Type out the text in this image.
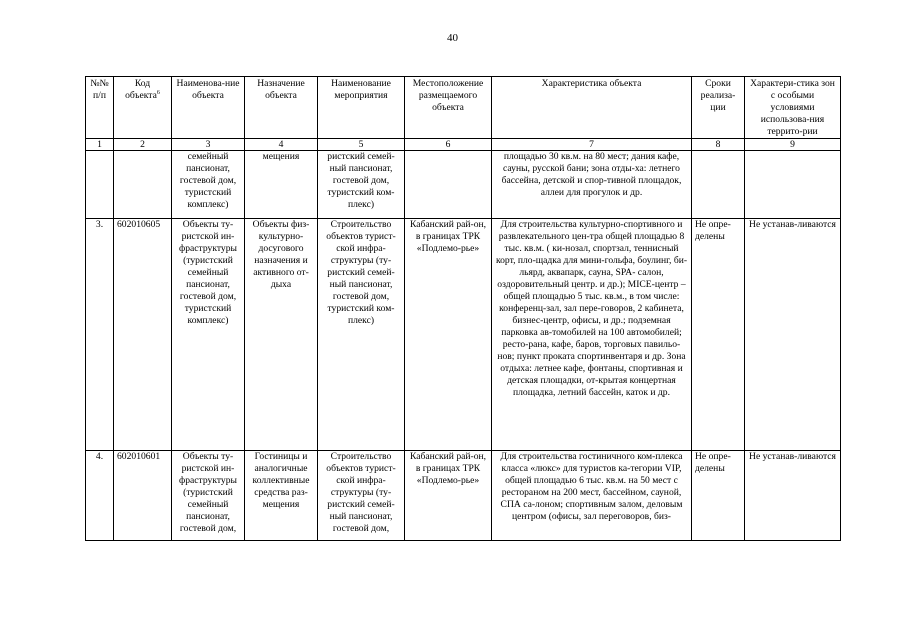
40
№№ п/п	Код объекта$^6$	Наименова-ние объекта	Назначение объекта	Наименование мероприятия	Местоположение размещаемого объекта	Характеристика объекта	Сроки реализа-ции	Характери-стика зон с особыми условиями использова-ния террито-рии
1	2	3	4	5	6	7	8	9
		семейный пансионат, гостевой дом, туристский комплекс)	мещения	ристский семей-ный пансионат, гостевой дом, туристский ком-плекс)		площадью 30 кв.м. на 80 мест; дания кафе, сауны, русской бани; зона отды-ха: летнего бассейна, детской и спор-тивной площадок, аллеи для прогулок и др.		
3.	602010605	Объекты ту-ристской ин-фраструктуры (туристский семейный пансионат, гостевой дом, туристский комплекс)	Объекты физ-культурно-досугового назначения и активного от-дыха	Строительство объектов турист-ской инфра-структуры (ту-ристский семей-ный пансионат, гостевой дом, туристский ком-плекс)	Кабанский рай-он, в границах ТРК «Подлемо-рье»	Для строительства культурно-спортивного и развлекательного цен-тра общей площадью 8 тыс. кв.м. ( ки-нозал, спортзал, теннисный корт, пло-щадка для мини-гольфа, боулинг, би-льярд, аквапарк, сауна, SPA- салон, оздоровительный центр. и др.); MICE-центр – общей площадью 5 тыс. кв.м., в том числе: конференц-зал, зал пере-говоров, 2 кабинета, бизнес-центр, офисы, и др.; подземная парковка ав-томобилей на 100 автомобилей; ресто-рана, кафе, баров, торговых павильо-нов; пункт проката спортинвентаря и др. Зона отдыха: летнее кафе, фонтаны, спортивная и детская площадки, от-крытая концертная площадка, летний бассейн, каток и др.	Не опре-делены	Не устанав-ливаются

4.	602010601	Объекты ту-ристской ин-фраструктуры (туристский семейный пансионат, гостевой дом,	Гостиницы и аналогичные коллективные средства раз-мещения	Строительство объектов турист-ской инфра-структуры (ту-ристский семей-ный пансионат, гостевой дом,	Кабанский рай-он, в границах ТРК «Подлемо-рье»	Для строительства гостиничного ком-плекса класса «люкс» для туристов ка-тегории VIP, общей площадью 6 тыс. кв.м. на 50 мест с рестораном на 200 мест, бассейном, сауной, СПА са-лоном; спортивным залом, деловым центром (офисы, зал переговоров, биз-	Не опре-делены	Не устанав-ливаются
